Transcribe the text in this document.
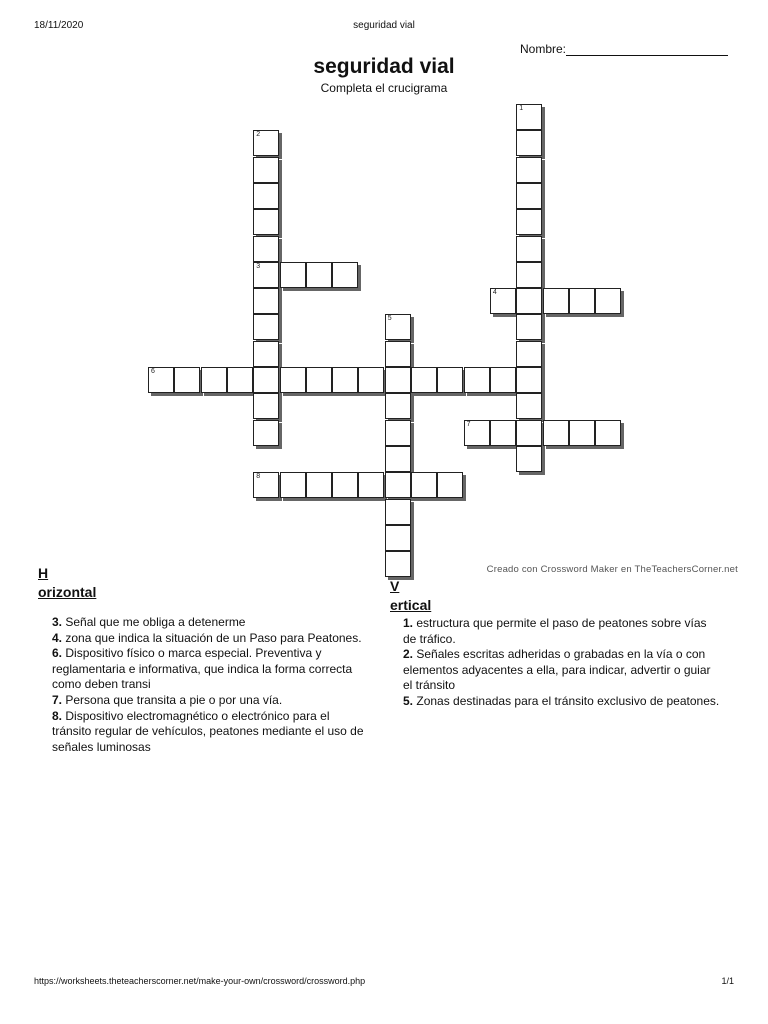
18/11/2020	seguridad vial
Nombre:
seguridad vial
Completa el crucigrama
1
2
3
4
5
6
7
8
Creado con Crossword Maker en TheTeachersCorner.net
H
orizontal
3. Señal que me obliga a detenerme
4. zona que indica la situación de un Paso para Peatones.
6. Dispositivo físico o marca especial. Preventiva y reglamentaria e informativa, que indica la forma correcta como deben transi
7. Persona que transita a pie o por una vía.
8. Dispositivo electromagnético o electrónico para el tránsito regular de vehículos, peatones mediante el uso de señales luminosas
V
ertical
1. estructura que permite el paso de peatones sobre vías de tráfico.
2. Señales escritas adheridas o grabadas en la vía o con elementos adyacentes a ella, para indicar, advertir o guiar el tránsito
5. Zonas destinadas para el tránsito exclusivo de peatones.
https://worksheets.theteacherscorner.net/make-your-own/crossword/crossword.php	1/1
